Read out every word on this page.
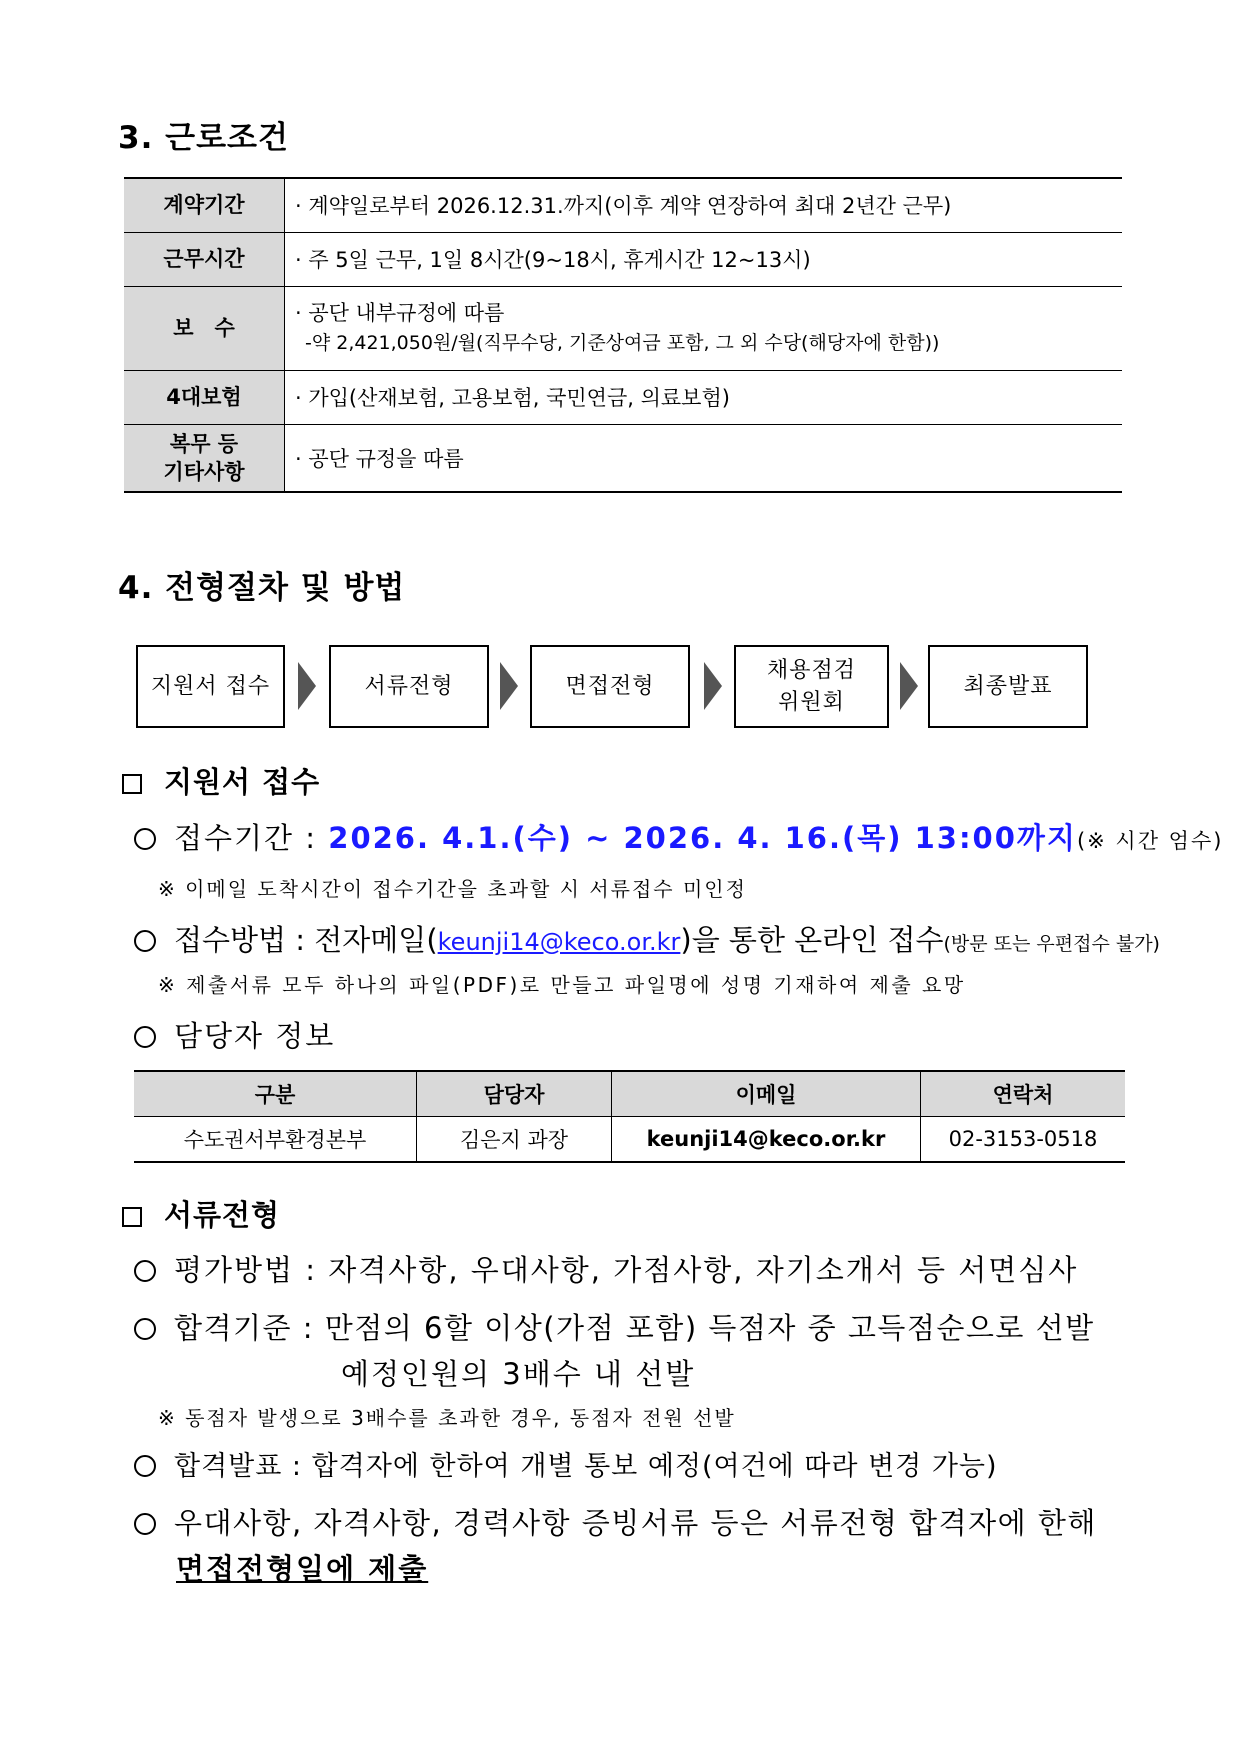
3. 근로조건
계약기간	· 계약일로부터 2026.12.31.까지(이후 계약 연장하여 최대 2년간 근무)
근무시간	· 주 5일 근무, 1일 8시간(9~18시, 휴게시간 12~13시)
보　수	· 공단 내부규정에 따름
-약 2,421,050원/월(직무수당, 기준상여금 포함, 그 외 수당(해당자에 한함))

4대보험	· 가입(산재보험, 고용보험, 국민연금, 의료보험)

복무 등
기타사항	· 공단 규정을 따름
4. 전형절차 및 방법
지원서 접수	서류전형	면접전형
채용점검
위원회
최종발표
지원서 접수
접수기간 : 2026. 4.1.(수) ~ 2026. 4. 16.(목) 13:00까지(※ 시간 엄수)
※ 이메일 도착시간이 접수기간을 초과할 시 서류접수 미인정
접수방법 : 전자메일(keunji14@keco.or.kr)을 통한 온라인 접수(방문 또는 우편접수 불가)
※ 제출서류 모두 하나의 파일(PDF)로 만들고 파일명에 성명 기재하여 제출 요망
담당자 정보
구분	담당자	이메일	연락처
수도권서부환경본부	김은지 과장	keunji14@keco.or.kr	02-3153-0518
서류전형
평가방법 : 자격사항, 우대사항, 가점사항, 자기소개서 등 서면심사
합격기준 : 만점의 6할 이상(가점 포함) 득점자 중 고득점순으로 선발
예정인원의 3배수 내 선발
※ 동점자 발생으로 3배수를 초과한 경우, 동점자 전원 선발
합격발표 : 합격자에 한하여 개별 통보 예정(여건에 따라 변경 가능)
우대사항, 자격사항, 경력사항 증빙서류 등은 서류전형 합격자에 한해
면접전형일에 제출
